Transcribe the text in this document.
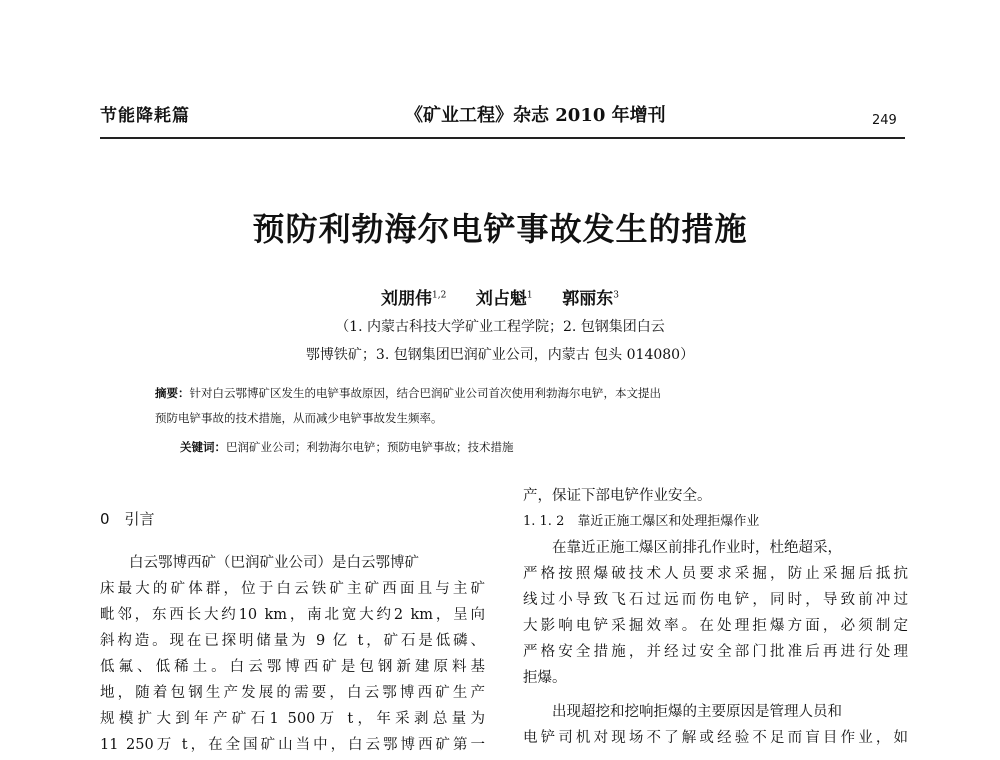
节能降耗篇	《矿业工程》杂志 2010 年增刊	249
预防利勃海尔电铲事故发生的措施
刘朋伟$^{1,2}$ 刘占魁$^1$ 郭丽东$^3$
（1. 内蒙古科技大学矿业工程学院；2. 包钢集团白云
鄂博铁矿；3. 包钢集团巴润矿业公司，内蒙古 包头 014080）
摘要：针对白云鄂博矿区发生的电铲事故原因，结合巴润矿业公司首次使用利勃海尔电铲，本文提出
预防电铲事故的技术措施，从而减少电铲事故发生频率。
关键词：巴润矿业公司；利勃海尔电铲；预防电铲事故；技术措施

0　引言

白云鄂博西矿（巴润矿业公司）是白云鄂博矿

床最大的矿体群，位于白云铁矿主矿西面且与主矿

毗邻，东西长大约10 km，南北宽大约2 km，呈向

斜构造。现在已探明储量为 9 亿 t，矿石是低磷、

低氟、低稀土。白云鄂博西矿是包钢新建原料基

地，随着包钢生产发展的需要，白云鄂博西矿生产

规模扩大到年产矿石1 500万 t，年采剥总量为

11 250万 t，在全国矿山当中，白云鄂博西矿第一

产，保证下部电铲作业安全。

1. 1. 2　靠近正施工爆区和处理拒爆作业

在靠近正施工爆区前排孔作业时，杜绝超采，

严格按照爆破技术人员要求采掘，防止采掘后抵抗

线过小导致飞石过远而伤电铲，同时，导致前冲过

大影响电铲采掘效率。在处理拒爆方面，必须制定

严格安全措施，并经过安全部门批准后再进行处理

拒爆。

出现超挖和挖响拒爆的主要原因是管理人员和

电铲司机对现场不了解或经验不足而盲目作业，如
